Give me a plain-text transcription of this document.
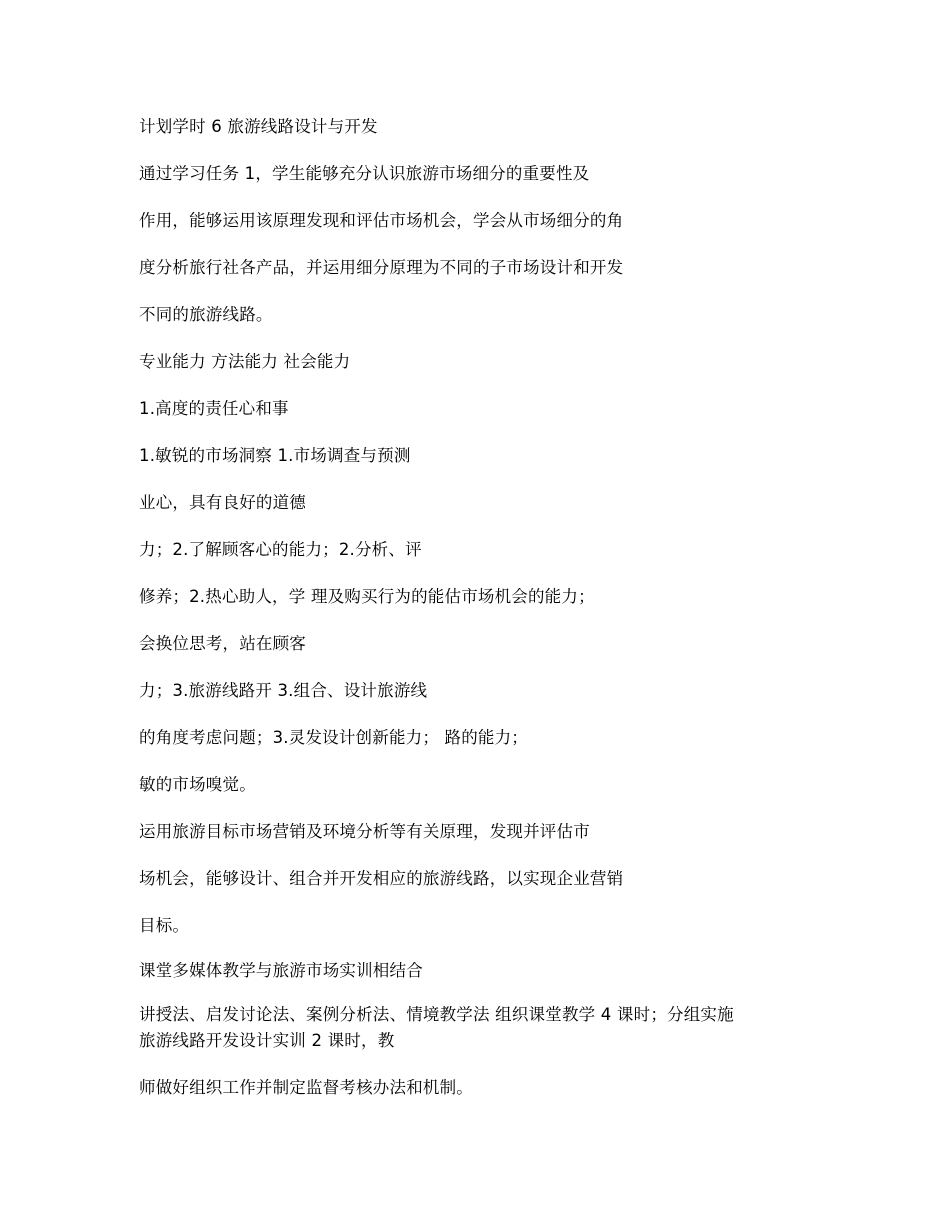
计划学时 6 旅游线路设计与开发
通过学习任务 1，学生能够充分认识旅游市场细分的重要性及
作用，能够运用该原理发现和评估市场机会，学会从市场细分的角
度分析旅行社各产品，并运用细分原理为不同的子市场设计和开发
不同的旅游线路。
专业能力 方法能力 社会能力
1.高度的责任心和事
1.敏锐的市场洞察 1.市场调查与预测
业心，具有良好的道德
力；2.了解顾客心的能力；2.分析、评
修养；2.热心助人，学 理及购买行为的能估市场机会的能力；
会换位思考，站在顾客
力；3.旅游线路开 3.组合、设计旅游线
的角度考虑问题；3.灵发设计创新能力； 路的能力；
敏的市场嗅觉。
运用旅游目标市场营销及环境分析等有关原理，发现并评估市
场机会，能够设计、组合并开发相应的旅游线路，以实现企业营销
目标。
课堂多媒体教学与旅游市场实训相结合
讲授法、启发讨论法、案例分析法、情境教学法 组织课堂教学 4 课时；分组实施
旅游线路开发设计实训 2 课时，教
师做好组织工作并制定监督考核办法和机制。
